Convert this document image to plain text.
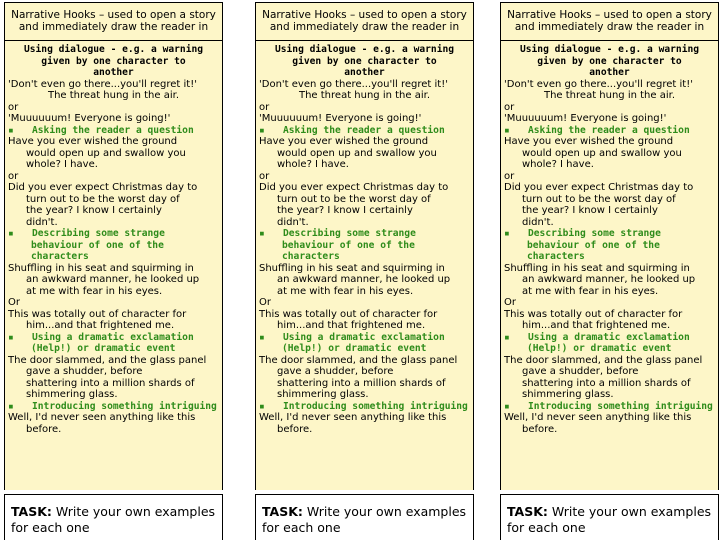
Narrative Hooks – used to open a story
and immediately draw the reader in
Using dialogue - e.g. a warning
given by one character to
another
'Don't even go there...you'll regret it!'
The threat hung in the air.
or
'Muuuuuum! Everyone is going!'
▪ Asking the reader a question
Have you ever wished the ground
would open up and swallow you
whole? I have.
or
Did you ever expect Christmas day to
turn out to be the worst day of
the year? I know I certainly
didn't.
▪ Describing some strange
behaviour of one of the
characters
Shuffling in his seat and squirming in
an awkward manner, he looked up
at me with fear in his eyes.
Or
This was totally out of character for
him...and that frightened me.
▪ Using a dramatic exclamation
(Help!) or dramatic event
The door slammed, and the glass panel
gave a shudder, before
shattering into a million shards of
shimmering glass.
▪ Introducing something intriguing
Well, I'd never seen anything like this
before.
TASK: Write your own examples for each one
Narrative Hooks – used to open a story
and immediately draw the reader in
Using dialogue - e.g. a warning
given by one character to
another
'Don't even go there...you'll regret it!'
The threat hung in the air.
or
'Muuuuuum! Everyone is going!'
▪ Asking the reader a question
Have you ever wished the ground
would open up and swallow you
whole? I have.
or
Did you ever expect Christmas day to
turn out to be the worst day of
the year? I know I certainly
didn't.
▪ Describing some strange
behaviour of one of the
characters
Shuffling in his seat and squirming in
an awkward manner, he looked up
at me with fear in his eyes.
Or
This was totally out of character for
him...and that frightened me.
▪ Using a dramatic exclamation
(Help!) or dramatic event
The door slammed, and the glass panel
gave a shudder, before
shattering into a million shards of
shimmering glass.
▪ Introducing something intriguing
Well, I'd never seen anything like this
before.
TASK: Write your own examples for each one
Narrative Hooks – used to open a story
and immediately draw the reader in
Using dialogue - e.g. a warning
given by one character to
another
'Don't even go there...you'll regret it!'
The threat hung in the air.
or
'Muuuuuum! Everyone is going!'
▪ Asking the reader a question
Have you ever wished the ground
would open up and swallow you
whole? I have.
or
Did you ever expect Christmas day to
turn out to be the worst day of
the year? I know I certainly
didn't.
▪ Describing some strange
behaviour of one of the
characters
Shuffling in his seat and squirming in
an awkward manner, he looked up
at me with fear in his eyes.
Or
This was totally out of character for
him...and that frightened me.
▪ Using a dramatic exclamation
(Help!) or dramatic event
The door slammed, and the glass panel
gave a shudder, before
shattering into a million shards of
shimmering glass.
▪ Introducing something intriguing
Well, I'd never seen anything like this
before.
TASK: Write your own examples for each one
